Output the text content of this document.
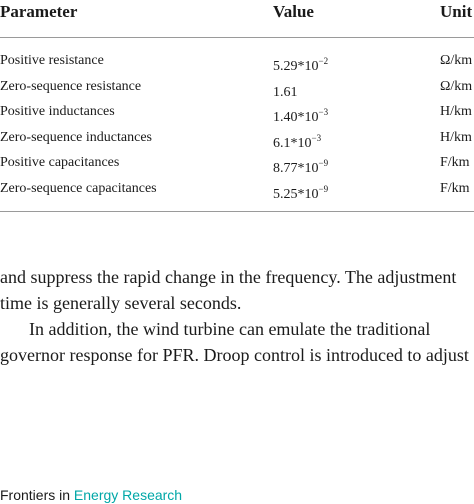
Parameter	Value	Unit
Positive resistance	$5.29*10^{-2}$	Ω/km
Zero-sequence resistance	1.61	Ω/km
Positive inductances	$1.40*10^{-3}$	H/km
Zero-sequence inductances	$6.1*10^{-3}$	H/km
Positive capacitances	$8.77*10^{-9}$	F/km
Zero-sequence capacitances	$5.25*10^{-9}$	F/km
and suppress the rapid change in the frequency. The adjustment
time is generally several seconds.
In addition, the wind turbine can emulate the traditional
governor response for PFR. Droop control is introduced to adjust
Frontiers in Energy Research
